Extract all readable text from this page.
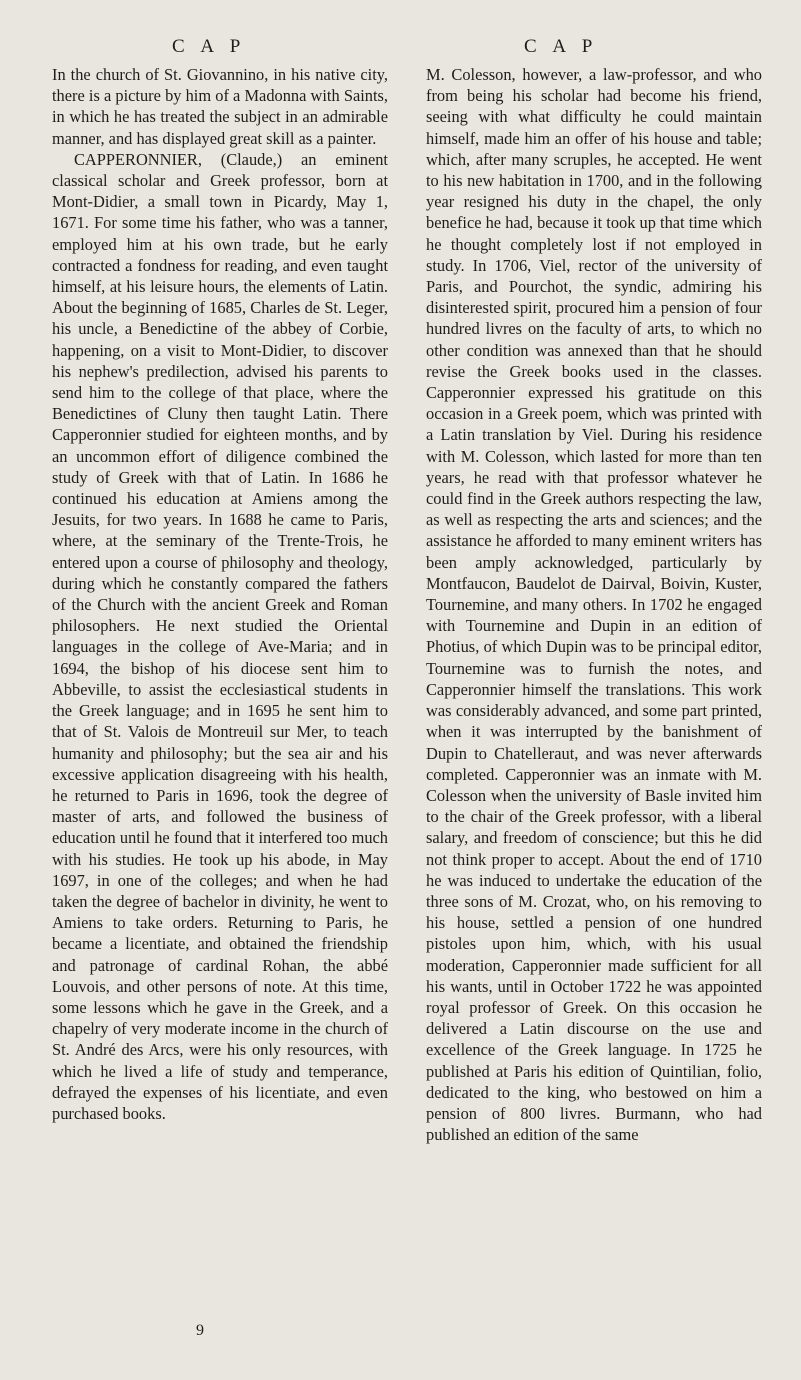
C A P	C A P

In the church of St. Giovannino, in his native city, there is a picture by him of a Madonna with Saints, in which he has treated the subject in an admirable manner, and has displayed great skill as a painter.

CAPPERONNIER, (Claude,) an eminent classical scholar and Greek professor, born at Mont-Didier, a small town in Picardy, May 1, 1671. For some time his father, who was a tanner, employed him at his own trade, but he early contracted a fondness for reading, and even taught himself, at his leisure hours, the elements of Latin. About the beginning of 1685, Charles de St. Leger, his uncle, a Benedictine of the abbey of Corbie, happening, on a visit to Mont-Didier, to discover his nephew's predilection, advised his parents to send him to the college of that place, where the Benedictines of Cluny then taught Latin. There Capperonnier studied for eighteen months, and by an uncommon effort of diligence combined the study of Greek with that of Latin. In 1686 he continued his education at Amiens among the Jesuits, for two years. In 1688 he came to Paris, where, at the seminary of the Trente-Trois, he entered upon a course of philosophy and theology, during which he constantly compared the fathers of the Church with the ancient Greek and Roman philosophers. He next studied the Oriental languages in the college of Ave-Maria; and in 1694, the bishop of his diocese sent him to Abbeville, to assist the ecclesiastical students in the Greek language; and in 1695 he sent him to that of St. Valois de Montreuil sur Mer, to teach humanity and philosophy; but the sea air and his excessive application disagreeing with his health, he returned to Paris in 1696, took the degree of master of arts, and followed the business of education until he found that it interfered too much with his studies. He took up his abode, in May 1697, in one of the colleges; and when he had taken the degree of bachelor in divinity, he went to Amiens to take orders. Returning to Paris, he became a licentiate, and obtained the friendship and patronage of cardinal Rohan, the abbé Louvois, and other persons of note. At this time, some lessons which he gave in the Greek, and a chapelry of very moderate income in the church of St. André des Arcs, were his only resources, with which he lived a life of study and temperance, defrayed the expenses of his licentiate, and even purchased books.

M. Colesson, however, a law-professor, and who from being his scholar had become his friend, seeing with what difficulty he could maintain himself, made him an offer of his house and table; which, after many scruples, he accepted. He went to his new habitation in 1700, and in the following year resigned his duty in the chapel, the only benefice he had, because it took up that time which he thought completely lost if not employed in study. In 1706, Viel, rector of the university of Paris, and Pourchot, the syndic, admiring his disinterested spirit, procured him a pension of four hundred livres on the faculty of arts, to which no other condition was annexed than that he should revise the Greek books used in the classes. Capperonnier expressed his gratitude on this occasion in a Greek poem, which was printed with a Latin translation by Viel. During his residence with M. Colesson, which lasted for more than ten years, he read with that professor whatever he could find in the Greek authors respecting the law, as well as respecting the arts and sciences; and the assistance he afforded to many eminent writers has been amply acknowledged, particularly by Montfaucon, Baudelot de Dairval, Boivin, Kuster, Tournemine, and many others. In 1702 he engaged with Tournemine and Dupin in an edition of Photius, of which Dupin was to be principal editor, Tournemine was to furnish the notes, and Capperonnier himself the translations. This work was considerably advanced, and some part printed, when it was interrupted by the banishment of Dupin to Chatelleraut, and was never afterwards completed. Capperonnier was an inmate with M. Colesson when the university of Basle invited him to the chair of the Greek professor, with a liberal salary, and freedom of conscience; but this he did not think proper to accept. About the end of 1710 he was induced to undertake the education of the three sons of M. Crozat, who, on his removing to his house, settled a pension of one hundred pistoles upon him, which, with his usual moderation, Capperonnier made sufficient for all his wants, until in October 1722 he was appointed royal professor of Greek. On this occasion he delivered a Latin discourse on the use and excellence of the Greek language. In 1725 he published at Paris his edition of Quintilian, folio, dedicated to the king, who bestowed on him a pension of 800 livres. Burmann, who had published an edition of the same

9
